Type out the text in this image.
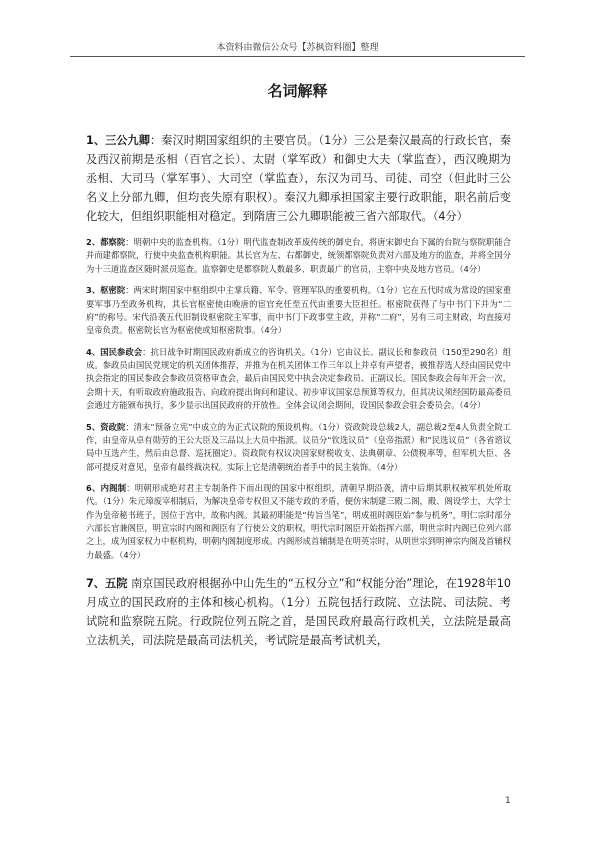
本资料由微信公众号【苏枫资料圈】整理
名词解释

1、三公九卿：秦汉时期国家组织的主要官员。（1分）三公是秦汉最高的行政长官，秦及西汉前期是丞相（百官之长）、太尉（掌军政）和御史大夫（掌监查），西汉晚期为丞相、大司马（掌军事）、大司空（掌监查），东汉为司马、司徒、司空（但此时三公名义上分部九卿，但均丧失原有职权）。秦汉九卿承担国家主要行政职能，职名前后变化较大，但组织职能相对稳定。到隋唐三公九卿职能被三省六部取代。（4分）

2、都察院：明朝中央的监查机构。（1分）明代监查制改革废传统的御史台，将唐宋御史台下属的台院与察院职能合并而建都察院，行使中央监查机构职能。其长官为左、右都御史，统领都察院负责对六部及地方的监查，并将全国分为十三道监查区随时派员巡查。监察御史是都察院人数最多、职责最广的官员，主察中央及地方官员。（4分）

3、枢密院：两宋时期国家中枢组织中主掌兵籍、军令、管理军队的重要机构。（1分）它在五代时成为常设的国家重要军事乃至政务机构，其长官枢密使由晚唐的宦官充任至五代由重要大臣担任。枢密院获得了与中书门下并为“二府”的称号。宋代沿袭五代旧制设枢密院主军事，而中书门下政事堂主政，并称“二府”，另有三司主财政，均直接对皇帝负责。枢密院长官为枢密使或知枢密院事。（4分）

4、国民参政会：抗日战争时期国民政府新成立的咨询机关。（1分）它由议长、副议长和参政员（150至290名）组成。参政员由国民党规定的机关团体推荐，并推为在机关团体工作三年以上并卓有声望者，被推荐选人经由国民党中执会指定的国民参政会参政员资格审查会，最后由国民党中执会决定参政员、正副议长。国民参政会每年开会一次，会期十天，有听取政府施政报告、向政府提出询问和建议、初步审议国家总预算等权力，但其决议须经国防最高委员会通过方能颁布执行，多少显示出国民政府的开放性。全体会议闭会期间，设国民参政会驻会委员会。（4分）

5、资政院：清末“预备立宪”中成立的为正式议院的预设机构。（1分）资政院设总裁2人，副总裁2至4人负责全院工作，由皇帝从卓有勋劳的王公大臣及三品以上大员中指派。议员分“钦选议员”（皇帝指派）和“民选议员”（各省谘议局中互选产生，然后由总督、巡抚圈定）。资政院有权议决国家财税收支、法典朝章、公债税率等，但军机大臣、各部可提反对意见，皇帝有最终裁决权。实际上它是清朝统治者手中的民主装饰。（4分）

6、内阁制：明朝形成绝对君主专制条件下而出现的国家中枢组织，清朝早期沿袭，清中后期其职权被军机处所取代。（1分）朱元璋废宰相制后，为解决皇帝专权但又不能专政的矛盾，便仿宋制建三殿二阁，殿、阁设学士，大学士作为皇帝秘书班子，因位于宫中，故称内阁。其最初职能是“传旨当笔”，明成祖时阁臣始“参与机务”，明仁宗时部分六部长官兼阁臣，明宣宗时内阁和阁臣有了行使公文的职权，明代宗时阁臣开始指挥六部，明世宗时内阁已位列六部之上，成为国家权力中枢机构，明朝内阁制度形成。内阁形成首辅制是在明英宗时，从明世宗到明神宗内阁及首辅权力最盛。（4分）

7、五院 南京国民政府根据孙中山先生的“五权分立”和“权能分治”理论，在1928年10月成立的国民政府的主体和核心机构。（1分）五院包括行政院、立法院、司法院、考试院和监察院五院。行政院位列五院之首，是国民政府最高行政机关，立法院是最高立法机关，司法院是最高司法机关，考试院是最高考试机关，

1
